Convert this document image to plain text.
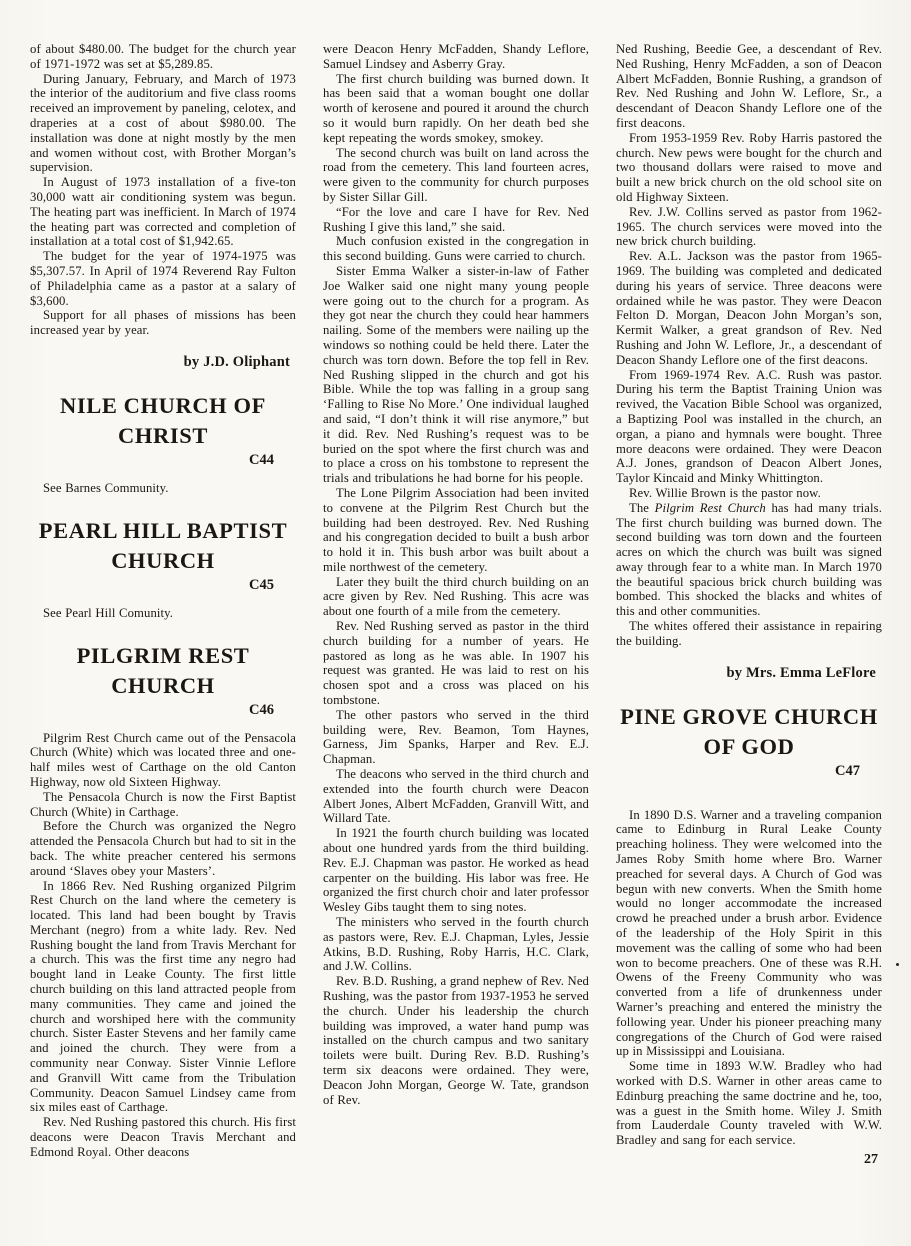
of about $480.00. The budget for the church year of 1971-1972 was set at $5,289.85.

During January, February, and March of 1973 the interior of the auditorium and five class rooms received an improvement by paneling, celotex, and draperies at a cost of about $980.00. The installation was done at night mostly by the men and women without cost, with Brother Morgan’s supervision.

In August of 1973 installation of a five-ton 30,000 watt air conditioning system was begun. The heating part was inefficient. In March of 1974 the heating part was corrected and completion of installation at a total cost of $1,942.65.

The budget for the year of 1974-1975 was $5,307.57. In April of 1974 Reverend Ray Fulton of Philadelphia came as a pastor at a salary of $3,600.

Support for all phases of missions has been increased year by year.

by J.D. Oliphant

NILE CHURCH OF CHRIST
C44

See Barnes Community.

PEARL HILL BAPTIST CHURCH
C45

See Pearl Hill Comunity.

PILGRIM REST CHURCH
C46

Pilgrim Rest Church came out of the Pensacola Church (White) which was located three and one-half miles west of Carthage on the old Canton Highway, now old Sixteen Highway.

The Pensacola Church is now the First Baptist Church (White) in Carthage.

Before the Church was organized the Negro attended the Pensacola Church but had to sit in the back. The white preacher centered his sermons around ‘Slaves obey your Masters’.

In 1866 Rev. Ned Rushing organized Pilgrim Rest Church on the land where the cemetery is located. This land had been bought by Travis Merchant (negro) from a white lady. Rev. Ned Rushing bought the land from Travis Merchant for a church. This was the first time any negro had bought land in Leake County. The first little church building on this land attracted people from many communities. They came and joined the church and worshiped here with the community church. Sister Easter Stevens and her family came and joined the church. They were from a community near Conway. Sister Vinnie Leflore and Granvill Witt came from the Tribulation Community. Deacon Samuel Lindsey came from six miles east of Carthage.

Rev. Ned Rushing pastored this church. His first deacons were Deacon Travis Merchant and Edmond Royal. Other deacons

were Deacon Henry McFadden, Shandy Leflore, Samuel Lindsey and Asberry Gray.

The first church building was burned down. It has been said that a woman bought one dollar worth of kerosene and poured it around the church so it would burn rapidly. On her death bed she kept repeating the words smokey, smokey.

The second church was built on land across the road from the cemetery. This land fourteen acres, were given to the community for church purposes by Sister Sillar Gill.

“For the love and care I have for Rev. Ned Rushing I give this land,” she said.

Much confusion existed in the congregation in this second building. Guns were carried to church.

Sister Emma Walker a sister-in-law of Father Joe Walker said one night many young people were going out to the church for a program. As they got near the church they could hear hammers nailing. Some of the members were nailing up the windows so nothing could be held there. Later the church was torn down. Before the top fell in Rev. Ned Rushing slipped in the church and got his Bible. While the top was falling in a group sang ‘Falling to Rise No More.’ One individual laughed and said, “I don’t think it will rise anymore,” but it did. Rev. Ned Rushing’s request was to be buried on the spot where the first church was and to place a cross on his tombstone to represent the trials and tribulations he had borne for his people.

The Lone Pilgrim Association had been invited to convene at the Pilgrim Rest Church but the building had been destroyed. Rev. Ned Rushing and his congregation decided to built a bush arbor to hold it in. This bush arbor was built about a mile northwest of the cemetery.

Later they built the third church building on an acre given by Rev. Ned Rushing. This acre was about one fourth of a mile from the cemetery.

Rev. Ned Rushing served as pastor in the third church building for a number of years. He pastored as long as he was able. In 1907 his request was granted. He was laid to rest on his chosen spot and a cross was placed on his tombstone.

The other pastors who served in the third building were, Rev. Beamon, Tom Haynes, Garness, Jim Spanks, Harper and Rev. E.J. Chapman.

The deacons who served in the third church and extended into the fourth church were Deacon Albert Jones, Albert McFadden, Granvill Witt, and Willard Tate.

In 1921 the fourth church building was located about one hundred yards from the third building. Rev. E.J. Chapman was pastor. He worked as head carpenter on the building. His labor was free. He organized the first church choir and later professor Wesley Gibs taught them to sing notes.

The ministers who served in the fourth church as pastors were, Rev. E.J. Chapman, Lyles, Jessie Atkins, B.D. Rushing, Roby Harris, H.C. Clark, and J.W. Collins.

Rev. B.D. Rushing, a grand nephew of Rev. Ned Rushing, was the pastor from 1937-1953 he served the church. Under his leadership the church building was improved, a water hand pump was installed on the church campus and two sanitary toilets were built. During Rev. B.D. Rushing’s term six deacons were ordained. They were, Deacon John Morgan, George W. Tate, grandson of Rev.

Ned Rushing, Beedie Gee, a descendant of Rev. Ned Rushing, Henry McFadden, a son of Deacon Albert McFadden, Bonnie Rushing, a grandson of Rev. Ned Rushing and John W. Leflore, Sr., a descendant of Deacon Shandy Leflore one of the first deacons.

From 1953-1959 Rev. Roby Harris pastored the church. New pews were bought for the church and two thousand dollars were raised to move and built a new brick church on the old school site on old Highway Sixteen.

Rev. J.W. Collins served as pastor from 1962-1965. The church services were moved into the new brick church building.

Rev. A.L. Jackson was the pastor from 1965-1969. The building was completed and dedicated during his years of service. Three deacons were ordained while he was pastor. They were Deacon Felton D. Morgan, Deacon John Morgan’s son, Kermit Walker, a great grandson of Rev. Ned Rushing and John W. Leflore, Jr., a descendant of Deacon Shandy Leflore one of the first deacons.

From 1969-1974 Rev. A.C. Rush was pastor. During his term the Baptist Training Union was revived, the Vacation Bible School was organized, a Baptizing Pool was installed in the church, an organ, a piano and hymnals were bought. Three more deacons were ordained. They were Deacon A.J. Jones, grandson of Deacon Albert Jones, Taylor Kincaid and Minky Whittington.

Rev. Willie Brown is the pastor now.

The Pilgrim Rest Church has had many trials. The first church building was burned down. The second building was torn down and the fourteen acres on which the church was built was signed away through fear to a white man. In March 1970 the beautiful spacious brick church building was bombed. This shocked the blacks and whites of this and other communities.

The whites offered their assistance in repairing the building.

by Mrs. Emma LeFlore

PINE GROVE CHURCH OF GOD
C47

In 1890 D.S. Warner and a traveling companion came to Edinburg in Rural Leake County preaching holiness. They were welcomed into the James Roby Smith home where Bro. Warner preached for several days. A Church of God was begun with new converts. When the Smith home would no longer accommodate the increased crowd he preached under a brush arbor. Evidence of the leadership of the Holy Spirit in this movement was the calling of some who had been won to become preachers. One of these was R.H. Owens of the Freeny Community who was converted from a life of drunkenness under Warner’s preaching and entered the ministry the following year. Under his pioneer preaching many congregations of the Church of God were raised up in Mississippi and Louisiana.

Some time in 1893 W.W. Bradley who had worked with D.S. Warner in other areas came to Edinburg preaching the same doctrine and he, too, was a guest in the Smith home. Wiley J. Smith from Lauderdale County traveled with W.W. Bradley and sang for each service.

27
